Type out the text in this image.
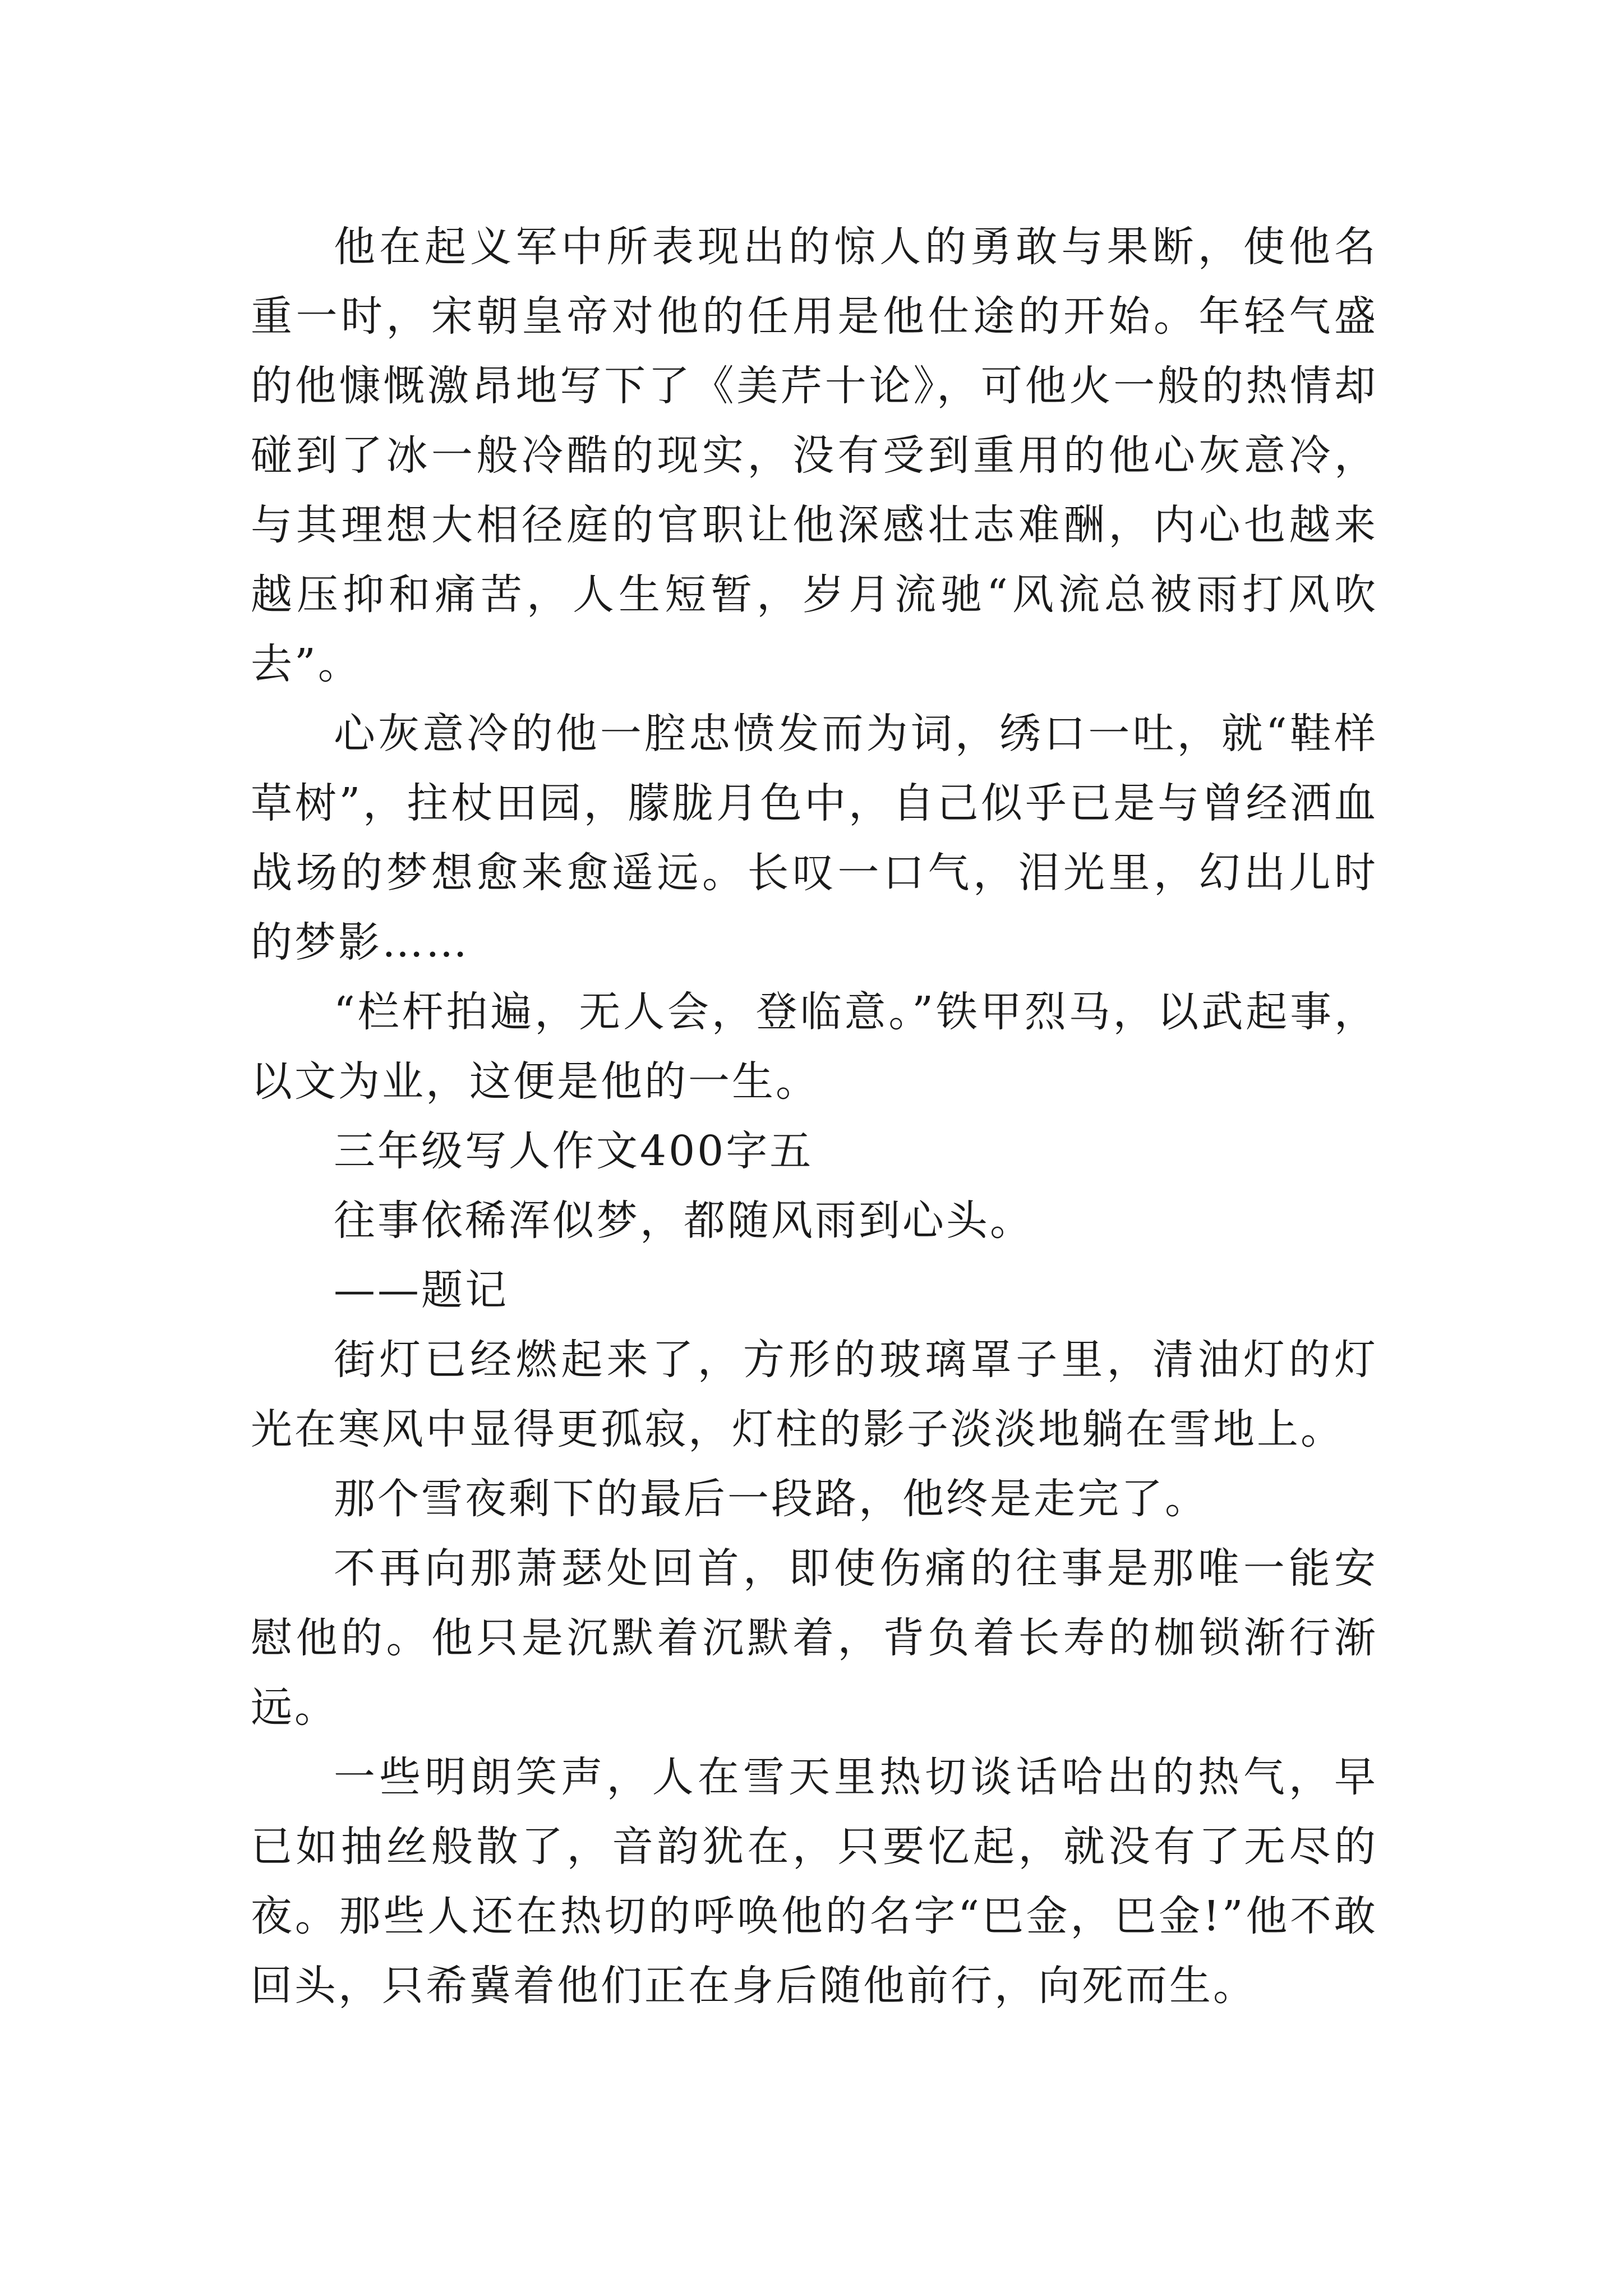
他在起义军中所表现出的惊人的勇敢与果断，使他名重一时，宋朝皇帝对他的任用是他仕途的开始。年轻气盛的他慷慨激昂地写下了《美芹十论》，可他火一般的热情却碰到了冰一般冷酷的现实，没有受到重用的他心灰意冷，与其理想大相径庭的官职让他深感壮志难酬，内心也越来越压抑和痛苦，人生短暂，岁月流驰“风流总被雨打风吹去”。

心灰意冷的他一腔忠愤发而为词，绣口一吐，就“鞋样草树”，拄杖田园，朦胧月色中，自己似乎已是与曾经洒血战场的梦想愈来愈遥远。长叹一口气，泪光里，幻出儿时的梦影……

“栏杆拍遍，无人会，登临意。”铁甲烈马，以武起事，以文为业，这便是他的一生。

三年级写人作文400字五

往事依稀浑似梦，都随风雨到心头。

——题记

街灯已经燃起来了，方形的玻璃罩子里，清油灯的灯光在寒风中显得更孤寂，灯柱的影子淡淡地躺在雪地上。

那个雪夜剩下的最后一段路，他终是走完了。

不再向那萧瑟处回首，即使伤痛的往事是那唯一能安慰他的。他只是沉默着沉默着，背负着长寿的枷锁渐行渐远。

一些明朗笑声，人在雪天里热切谈话哈出的热气，早已如抽丝般散了，音韵犹在，只要忆起，就没有了无尽的夜。那些人还在热切的呼唤他的名字“巴金，巴金!”他不敢回头，只希冀着他们正在身后随他前行，向死而生。
